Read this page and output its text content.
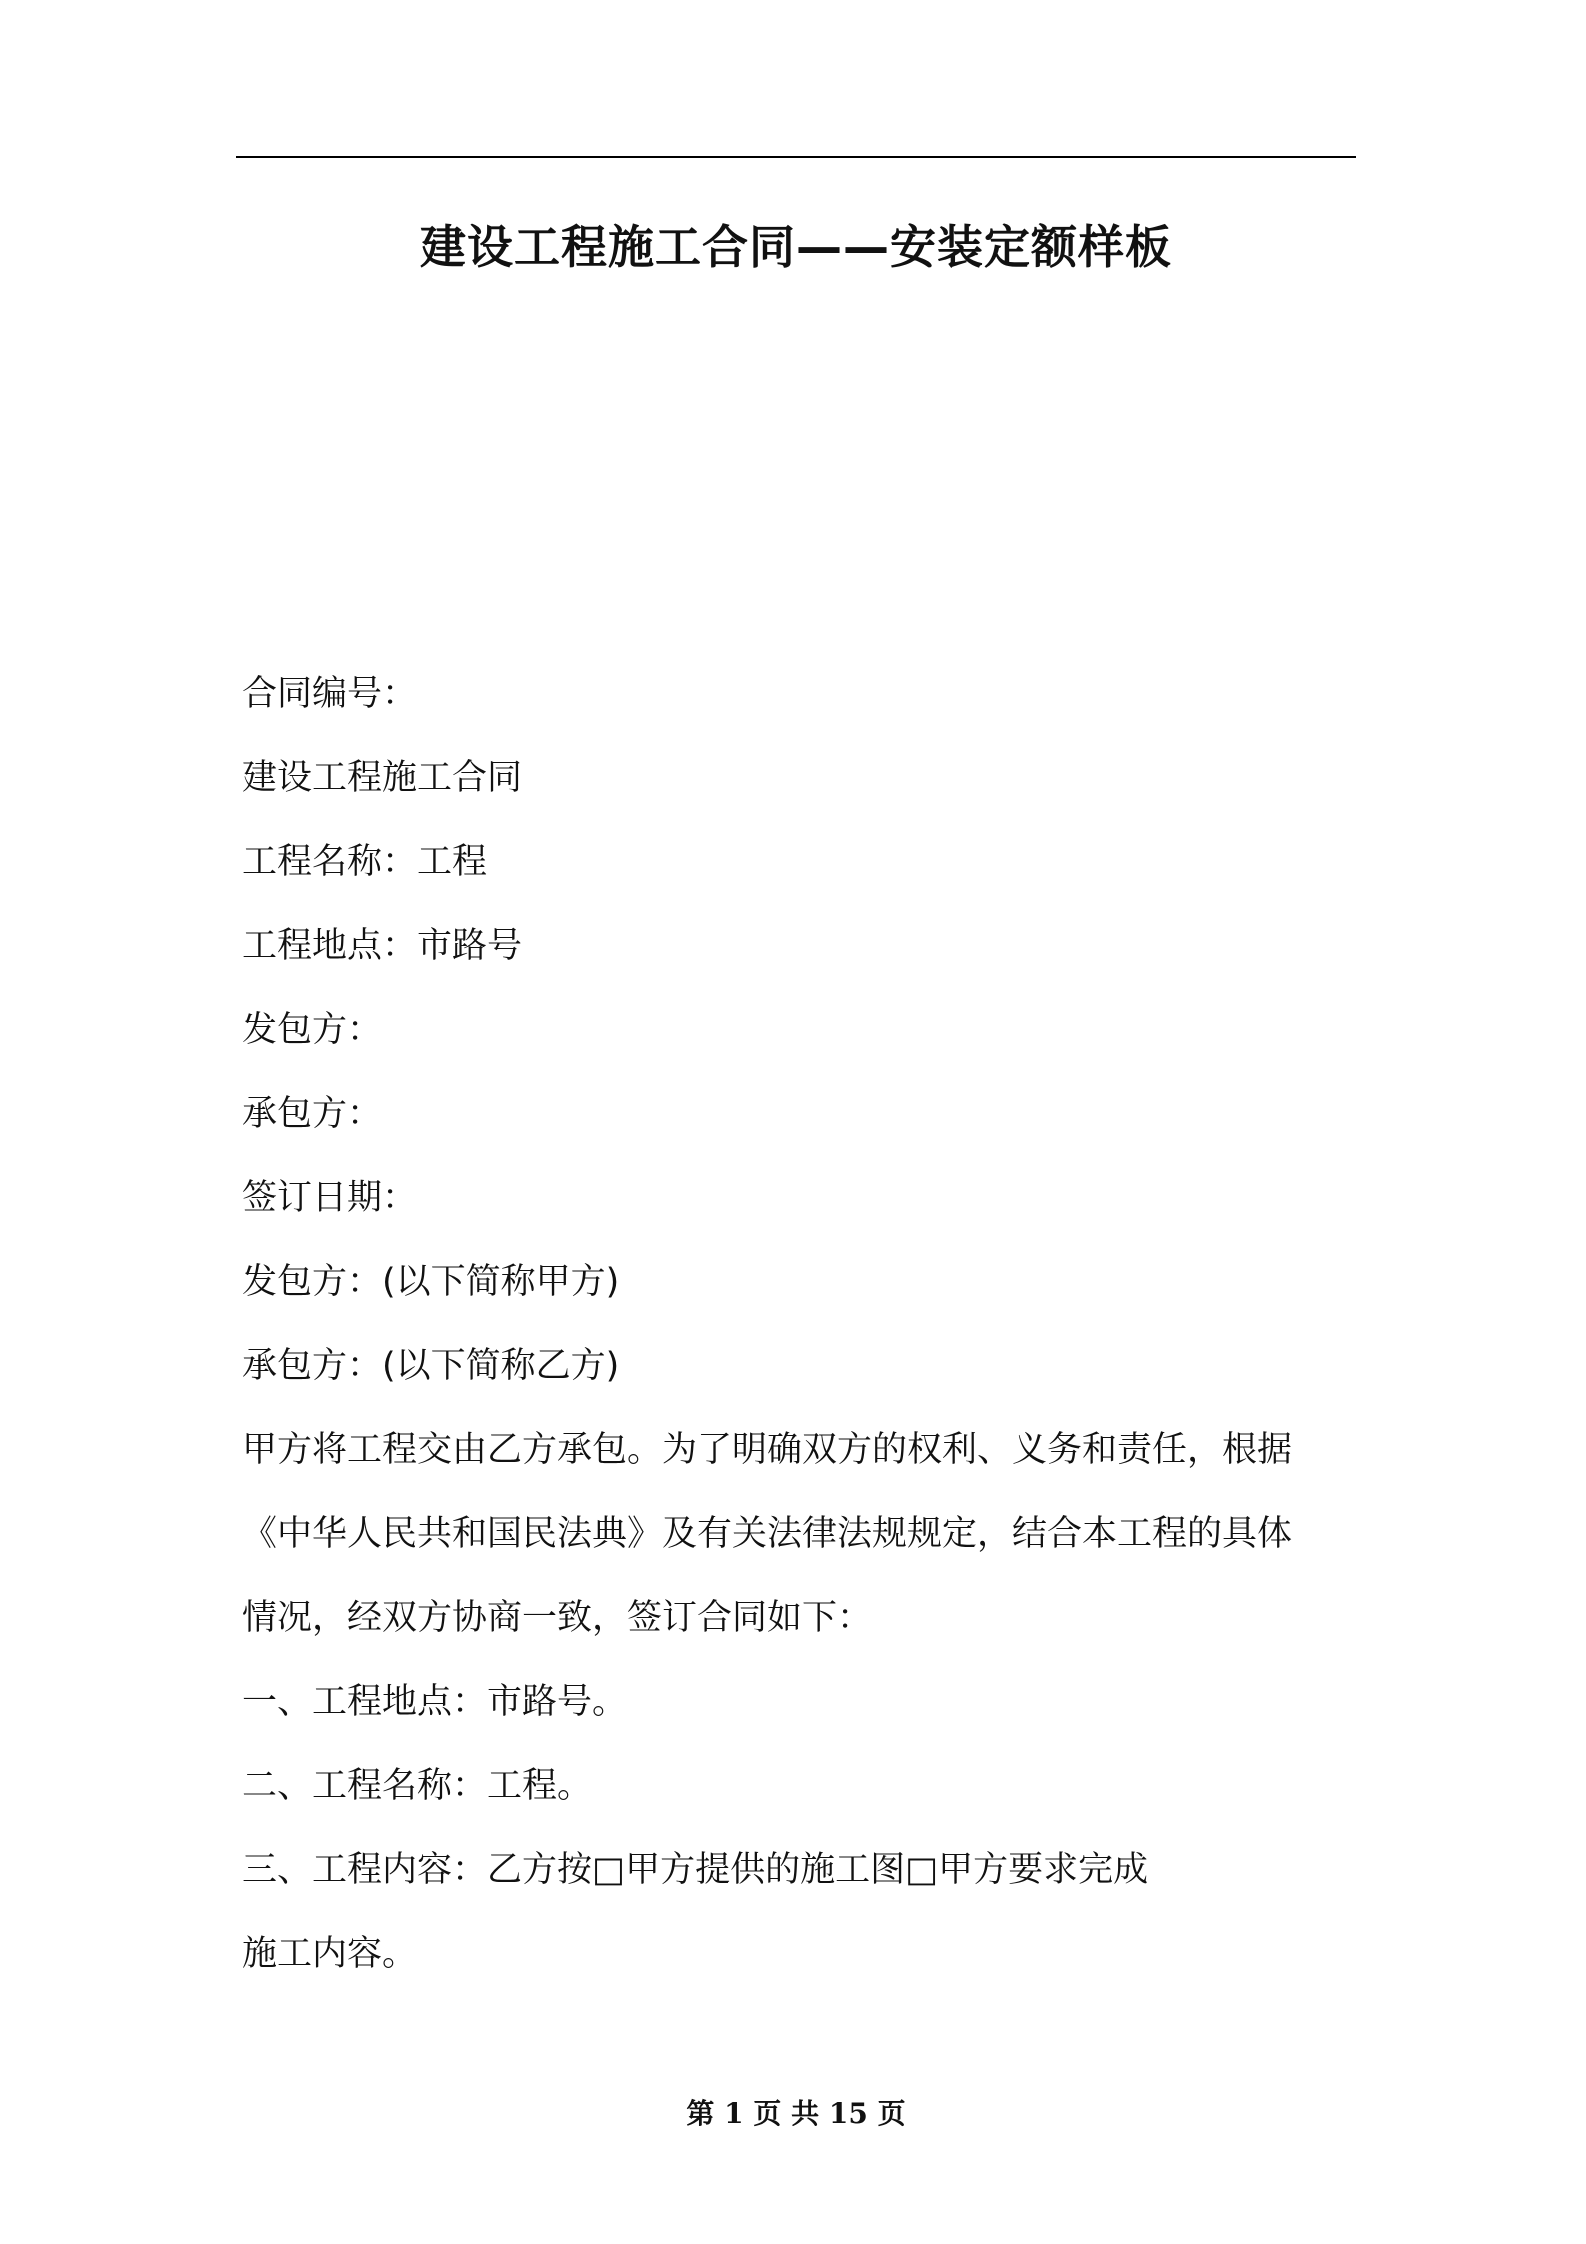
建设工程施工合同——安装定额样板
合同编号：
建设工程施工合同
工程名称：工程
工程地点：市路号
发包方：
承包方：
签订日期：
发包方：(以下简称甲方)
承包方：(以下简称乙方)
甲方将工程交由乙方承包。为了明确双方的权利、义务和责任，根据
《中华人民共和国民法典》及有关法律法规规定，结合本工程的具体
情况，经双方协商一致，签订合同如下：
一、工程地点：市路号。
二、工程名称：工程。
三、工程内容：乙方按□甲方提供的施工图□甲方要求完成
施工内容。
第 1 页 共 15 页
